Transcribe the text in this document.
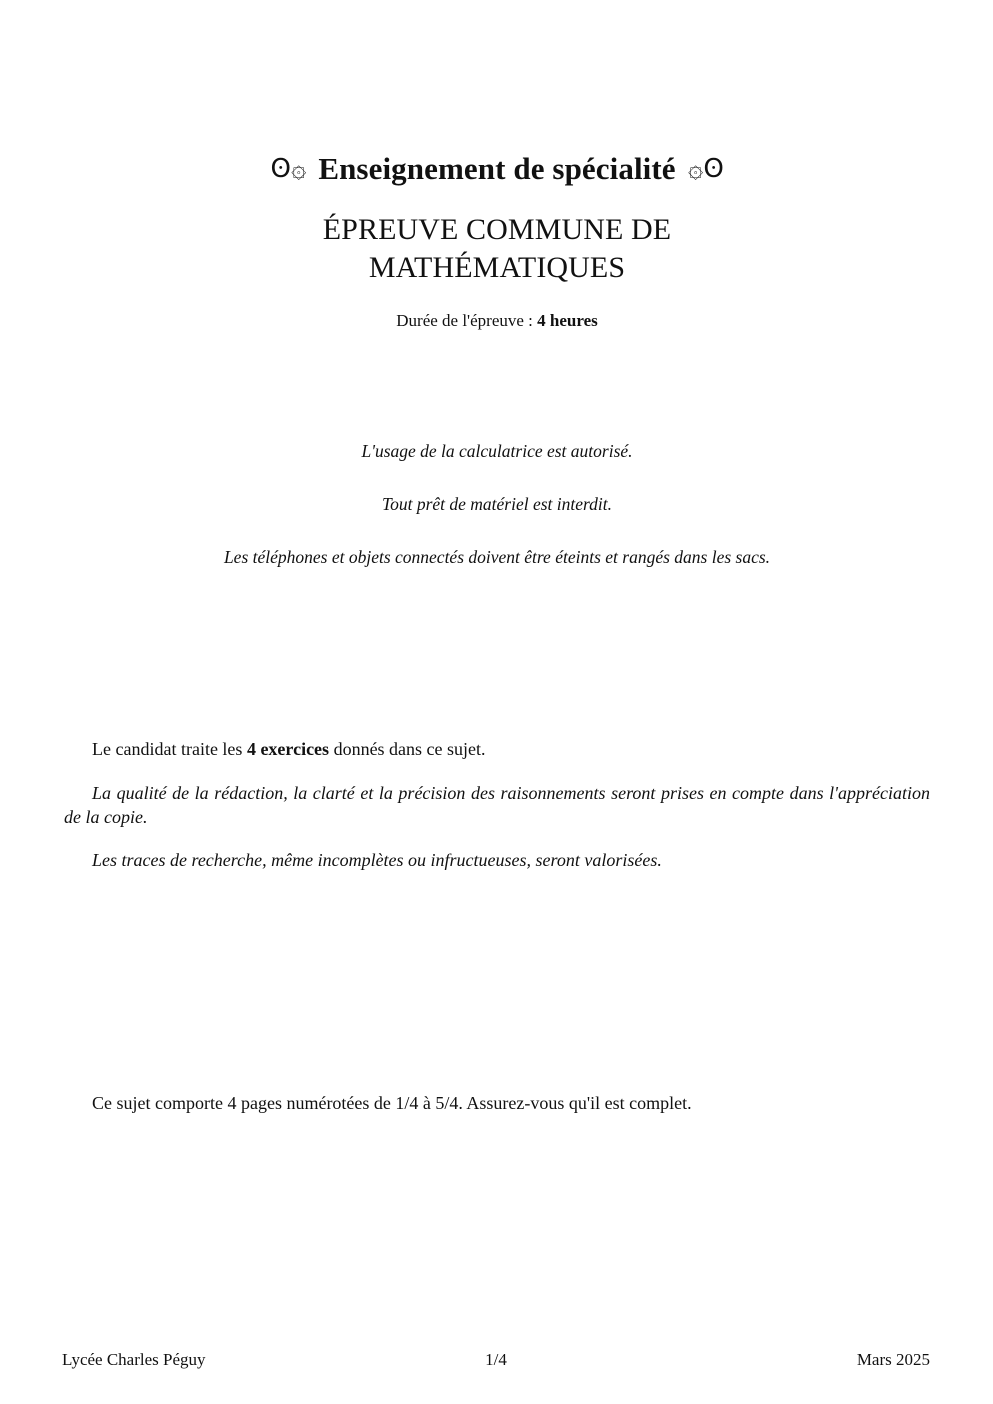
ʘ۞ Enseignement de spécialité ʘ۞
ÉPREUVE COMMUNE DE
MATHÉMATIQUES

Durée de l'épreuve : 4 heures

L'usage de la calculatrice est autorisé.

Tout prêt de matériel est interdit.

Les téléphones et objets connectés doivent être éteints et rangés dans les sacs.

Le candidat traite les 4 exercices donnés dans ce sujet.

La qualité de la rédaction, la clarté et la précision des raisonnements seront prises en compte dans l'appréciation de la copie.

Les traces de recherche, même incomplètes ou infructueuses, seront valorisées.

Ce sujet comporte 4 pages numérotées de 1/4 à 5/4. Assurez-vous qu'il est complet.
Lycée Charles Péguy	1/4	Mars 2025
